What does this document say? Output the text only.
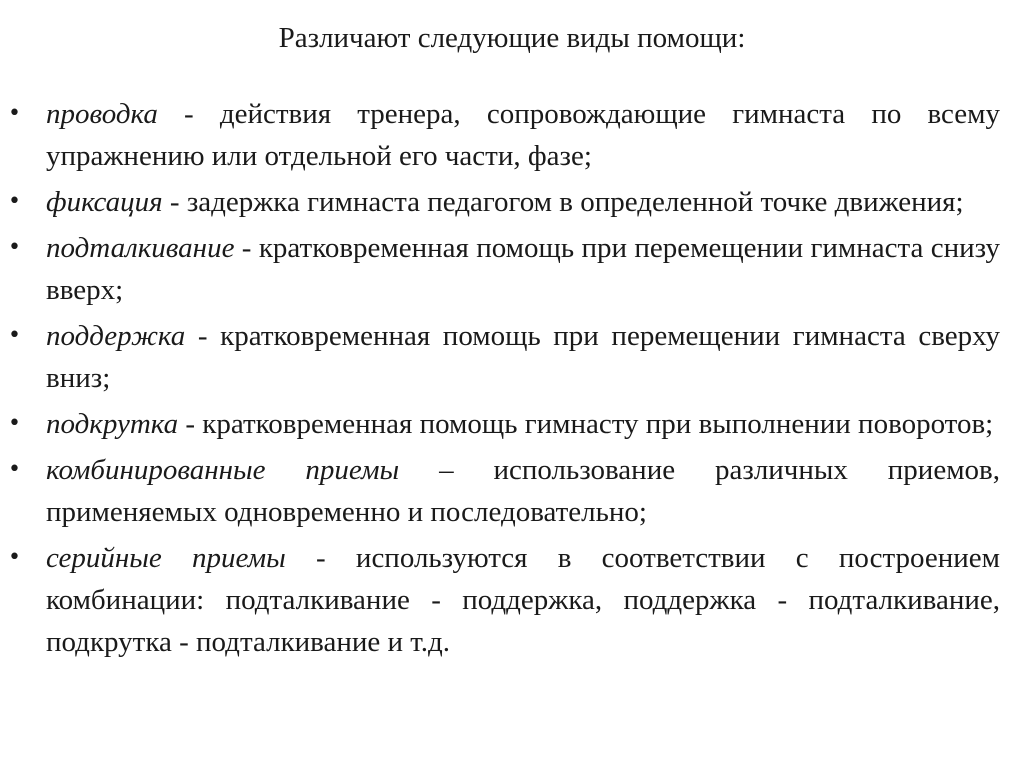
Различают следующие виды помощи:
• проводка - действия тренера, сопровождающие гимнаста по всему упражнению или отдельной его части, фазе;
• фиксация - задержка гимнаста педагогом в определенной точке движения;
• подталкивание - кратковременная помощь при перемещении гимнаста снизу вверх;
• поддержка - кратковременная помощь при перемещении гимнаста сверху вниз;
• подкрутка - кратковременная помощь гимнасту при выполнении поворотов;
• комбинированные приемы – использование различных приемов, применяемых одновременно и последовательно;
• серийные приемы - используются в соответствии с построением комбинации: подталкивание - поддержка, поддержка - подталкивание, подкрутка - подталкивание и т.д.
